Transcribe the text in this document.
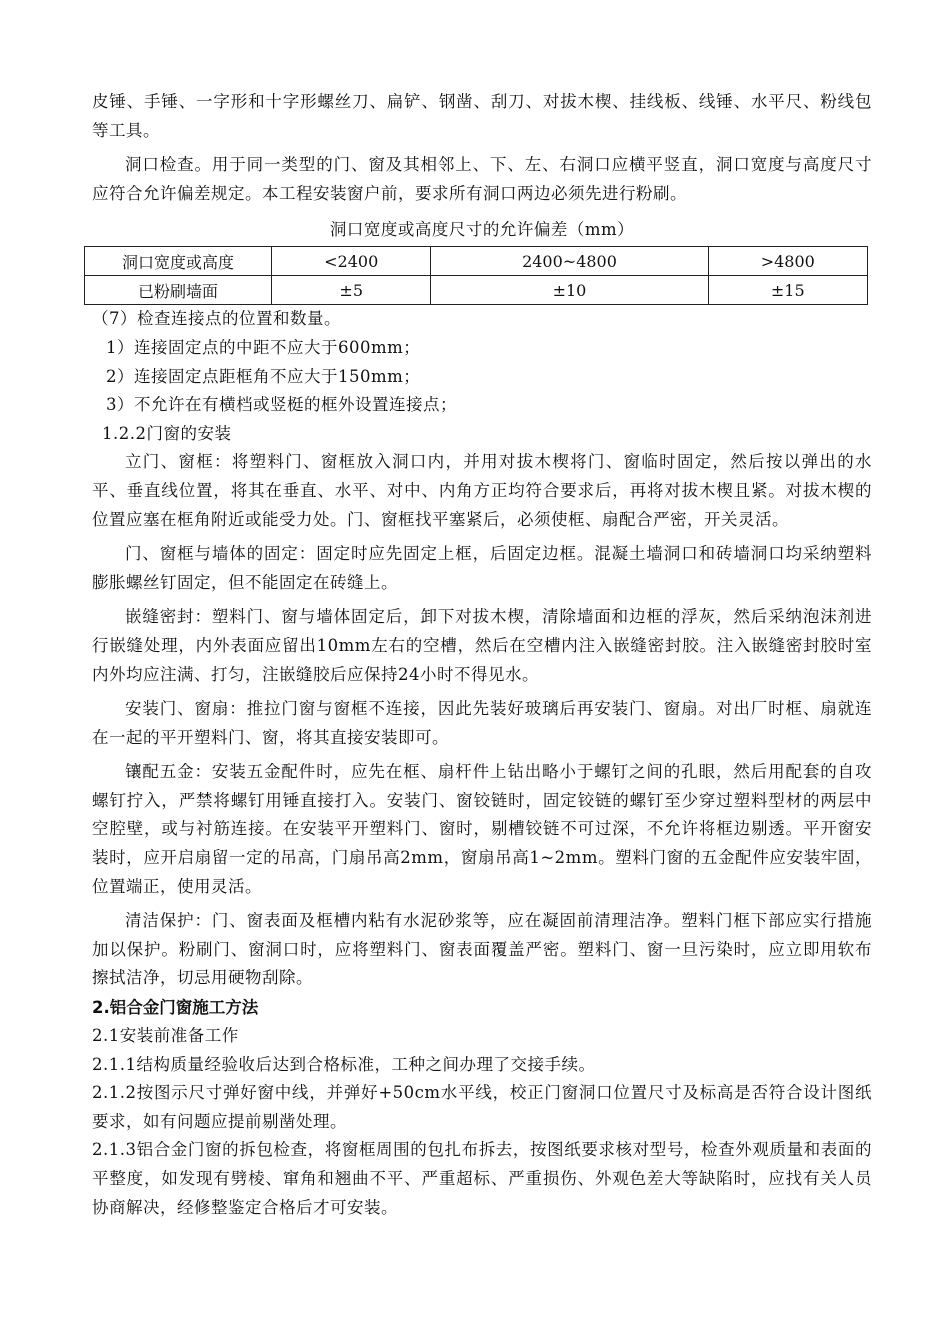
皮锤、手锤、一字形和十字形螺丝刀、扁铲、钢凿、刮刀、对拔木楔、挂线板、线锤、水平尺、粉线包等工具。

洞口检查。用于同一类型的门、窗及其相邻上、下、左、右洞口应横平竖直，洞口宽度与高度尺寸应符合允许偏差规定。本工程安装窗户前，要求所有洞口两边必须先进行粉刷。

洞口宽度或高度尺寸的允许偏差（mm）
洞口宽度或高度	<2400	2400~4800	>4800
已粉刷墙面	±5	±10	±15

（7）检查连接点的位置和数量。

1）连接固定点的中距不应大于600mm；

2）连接固定点距框角不应大于150mm；

3）不允许在有横档或竖梃的框外设置连接点；

1.2.2门窗的安装

立门、窗框：将塑料门、窗框放入洞口内，并用对拔木楔将门、窗临时固定，然后按以弹出的水平、垂直线位置，将其在垂直、水平、对中、内角方正均符合要求后，再将对拔木楔且紧。对拔木楔的位置应塞在框角附近或能受力处。门、窗框找平塞紧后，必须使框、扇配合严密，开关灵活。

门、窗框与墙体的固定：固定时应先固定上框，后固定边框。混凝土墙洞口和砖墙洞口均采纳塑料膨胀螺丝钉固定，但不能固定在砖缝上。

嵌缝密封：塑料门、窗与墙体固定后，卸下对拔木楔，清除墙面和边框的浮灰，然后采纳泡沫剂进行嵌缝处理，内外表面应留出10mm左右的空槽，然后在空槽内注入嵌缝密封胶。注入嵌缝密封胶时室内外均应注满、打匀，注嵌缝胶后应保持24小时不得见水。

安装门、窗扇：推拉门窗与窗框不连接，因此先装好玻璃后再安装门、窗扇。对出厂时框、扇就连在一起的平开塑料门、窗，将其直接安装即可。

镶配五金：安装五金配件时，应先在框、扇杆件上钻出略小于螺钉之间的孔眼，然后用配套的自攻螺钉拧入，严禁将螺钉用锤直接打入。安装门、窗铰链时，固定铰链的螺钉至少穿过塑料型材的两层中空腔壁，或与衬筋连接。在安装平开塑料门、窗时，剔槽铰链不可过深，不允许将框边剔透。平开窗安装时，应开启扇留一定的吊高，门扇吊高2mm，窗扇吊高1~2mm。塑料门窗的五金配件应安装牢固，位置端正，使用灵活。

清洁保护：门、窗表面及框槽内粘有水泥砂浆等，应在凝固前清理洁净。塑料门框下部应实行措施加以保护。粉刷门、窗洞口时，应将塑料门、窗表面覆盖严密。塑料门、窗一旦污染时，应立即用软布擦拭洁净，切忌用硬物刮除。

2.铝合金门窗施工方法

2.1安装前准备工作

2.1.1结构质量经验收后达到合格标准，工种之间办理了交接手续。

2.1.2按图示尺寸弹好窗中线，并弹好+50cm水平线，校正门窗洞口位置尺寸及标高是否符合设计图纸要求，如有问题应提前剔凿处理。

2.1.3铝合金门窗的拆包检查，将窗框周围的包扎布拆去，按图纸要求核对型号，检查外观质量和表面的平整度，如发现有劈棱、窜角和翘曲不平、严重超标、严重损伤、外观色差大等缺陷时，应找有关人员协商解决，经修整鉴定合格后才可安装。
